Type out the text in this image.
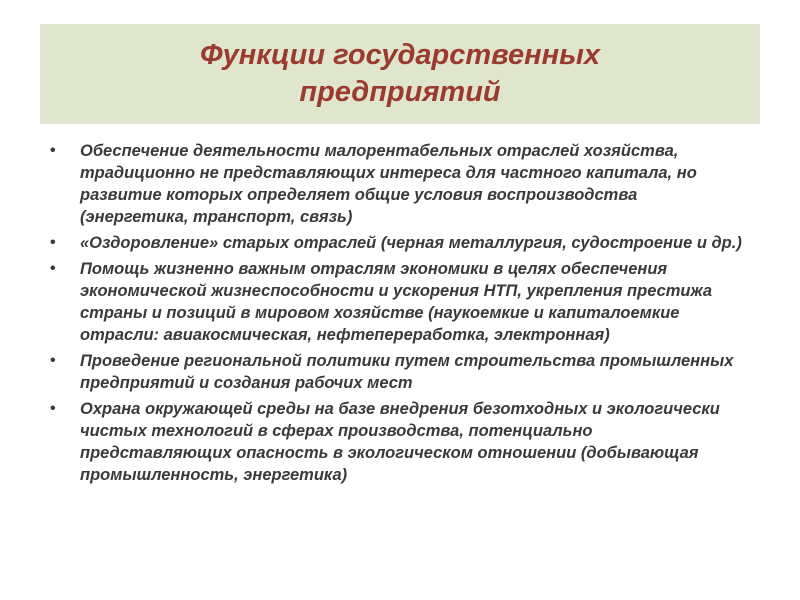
Функции государственных предприятий
• Обеспечение деятельности малорентабельных отраслей хозяйства, традиционно не представляющих интереса для частного капитала, но развитие которых определяет общие условия воспроизводства (энергетика, транспорт, связь)
• «Оздоровление» старых отраслей (черная металлургия, судостроение и др.)
• Помощь жизненно важным отраслям экономики в целях обеспечения экономической жизнеспособности и ускорения НТП, укрепления престижа страны и позиций в мировом хозяйстве (наукоемкие и капиталоемкие отрасли: авиакосмическая, нефтепереработка, электронная)
• Проведение региональной политики путем строительства промышленных предприятий и создания рабочих мест
• Охрана окружающей среды на базе внедрения безотходных и экологически чистых технологий в сферах производства, потенциально представляющих опасность в экологическом отношении (добывающая промышленность, энергетика)
